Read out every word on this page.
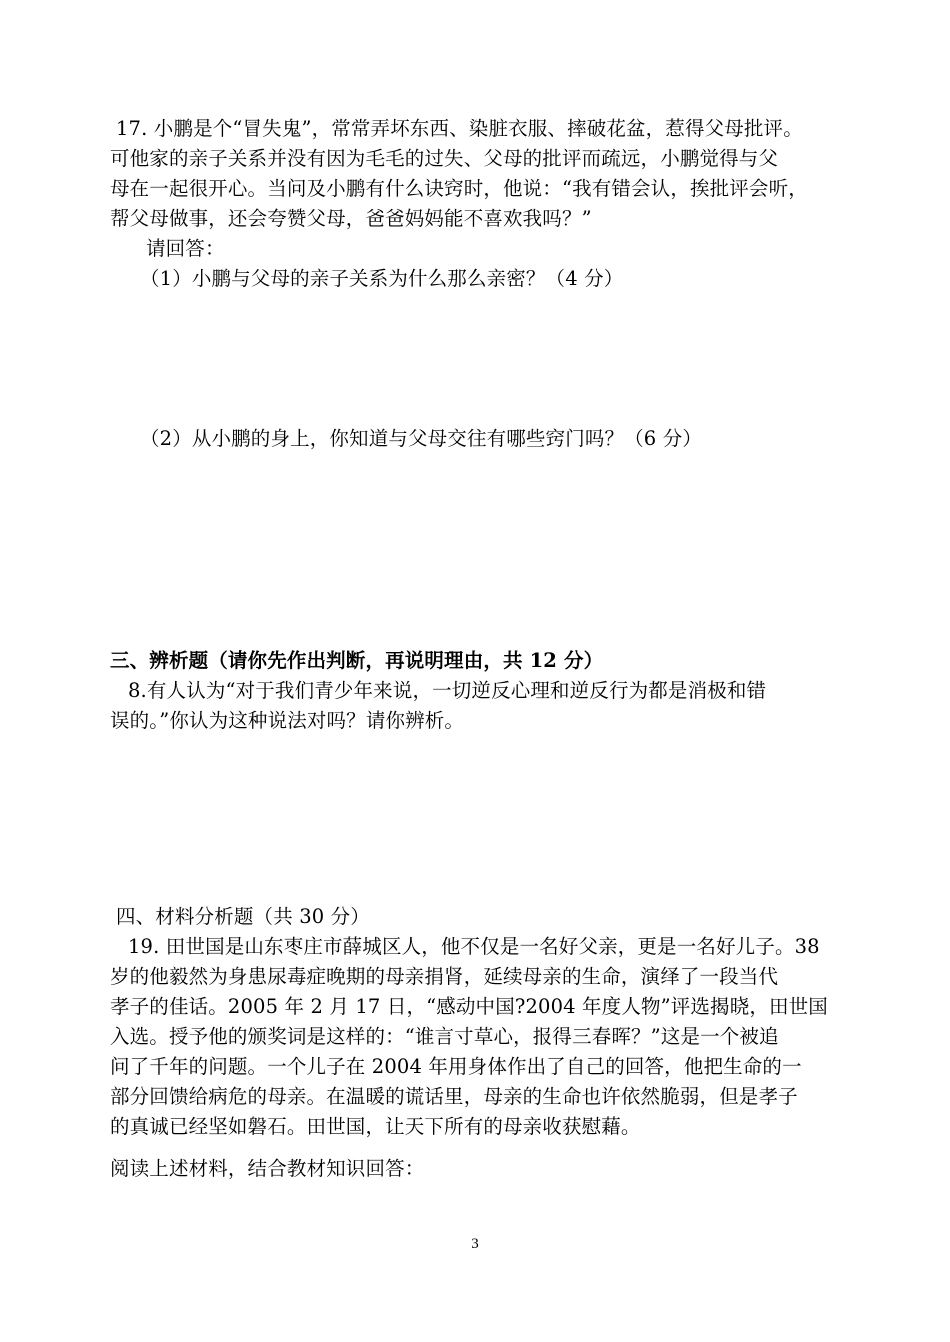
17. 小鹏是个“冒失鬼”，常常弄坏东西、染脏衣服、摔破花盆，惹得父母批评。
可他家的亲子关系并没有因为毛毛的过失、父母的批评而疏远，小鹏觉得与父
母在一起很开心。当问及小鹏有什么诀窍时，他说：“我有错会认，挨批评会听，
帮父母做事，还会夸赞父母，爸爸妈妈能不喜欢我吗？”
请回答：
（1）小鹏与父母的亲子关系为什么那么亲密？（4 分）
（2）从小鹏的身上，你知道与父母交往有哪些窍门吗？（6 分）
三、辨析题（请你先作出判断，再说明理由，共 12 分）
8.有人认为“对于我们青少年来说，一切逆反心理和逆反行为都是消极和错
误的。”你认为这种说法对吗？请你辨析。
四、材料分析题（共 30 分）
19. 田世国是山东枣庄市薛城区人，他不仅是一名好父亲，更是一名好儿子。38
岁的他毅然为身患尿毒症晚期的母亲捐肾，延续母亲的生命，演绎了一段当代
孝子的佳话。2005 年 2 月 17 日，“感动中国?2004 年度人物”评选揭晓，田世国
入选。授予他的颁奖词是这样的：“谁言寸草心，报得三春晖？”这是一个被追
问了千年的问题。一个儿子在 2004 年用身体作出了自己的回答，他把生命的一
部分回馈给病危的母亲。在温暖的谎话里，母亲的生命也许依然脆弱，但是孝子
的真诚已经坚如磐石。田世国，让天下所有的母亲收获慰藉。
阅读上述材料，结合教材知识回答：
3
